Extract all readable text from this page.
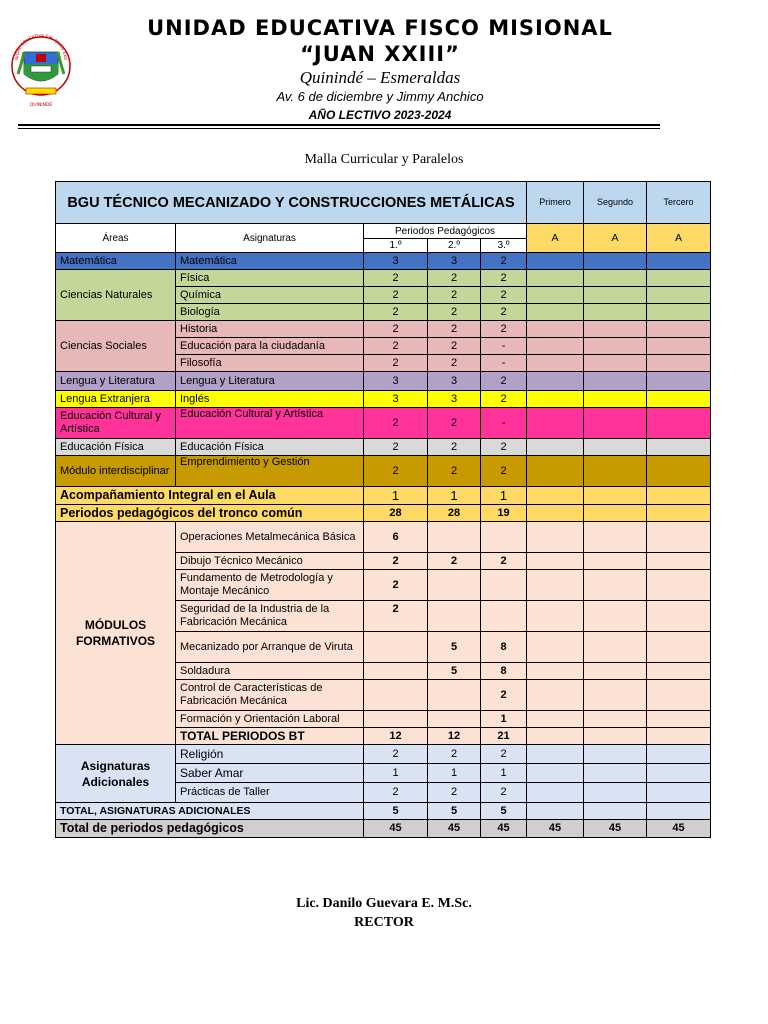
NIDAD EDUCATIVA F.M. "JUAN XXII
QUININDÉ
UNIDAD EDUCATIVA FISCO MISIONAL
“JUAN XXIII”
Quinindé – Esmeraldas
Av. 6 de diciembre y Jimmy Anchico
AÑO LECTIVO 2023-2024
Malla Curricular y Paralelos
BGU TÉCNICO MECANIZADO Y CONSTRUCCIONES METÁLICAS					Primero	Segundo	Tercero

Áreas	Asignaturas	Periodos Pedagógicos			A	A	A
		1.º	2.º	3.º			
Matemática	Matemática	3	3	2			
Ciencias Naturales	Física	2	2	2			
	Química	2	2	2			
	Biología	2	2	2			
Ciencias Sociales	Historia	2	2	2			
	Educación para la ciudadanía	2	2	-			
	Filosofía	2	2	-			
Lengua y Literatura	Lengua y Literatura	3	3	2			
Lengua Extranjera	Inglés	3	3	2			
Educación Cultural y Artística	Educación Cultural y Artística	2	2	-			
Educación Física	Educación Física	2	2	2			
Módulo interdisciplinar	Emprendimiento y Gestión	2	2	2			
Acompañamiento Integral en el Aula		1	1	1			
Periodos pedagógicos del tronco común		28	28	19			
MÓDULOS FORMATIVOS	Operaciones Metalmecánica Básica	6					
	Dibujo Técnico Mecánico	2	2	2			
	Fundamento de Metrodología y Montaje Mecánico	2					
	Seguridad de la Industria de la Fabricación Mecánica	2					
	Mecanizado por Arranque de Viruta		5	8			
	Soldadura		5	8			
	Control de Características de Fabricación Mecánica			2			
	Formación y Orientación Laboral			1			
	TOTAL PERIODOS BT	12	12	21			
Asignaturas Adicionales	Religión	2	2	2			
	Saber Amar	1	1	1			
	Prácticas de Taller	2	2	2			
TOTAL, ASIGNATURAS ADICIONALES		5	5	5			
Total de periodos pedagógicos		45	45	45	45	45	45
Lic. Danilo Guevara E. M.Sc.
RECTOR
